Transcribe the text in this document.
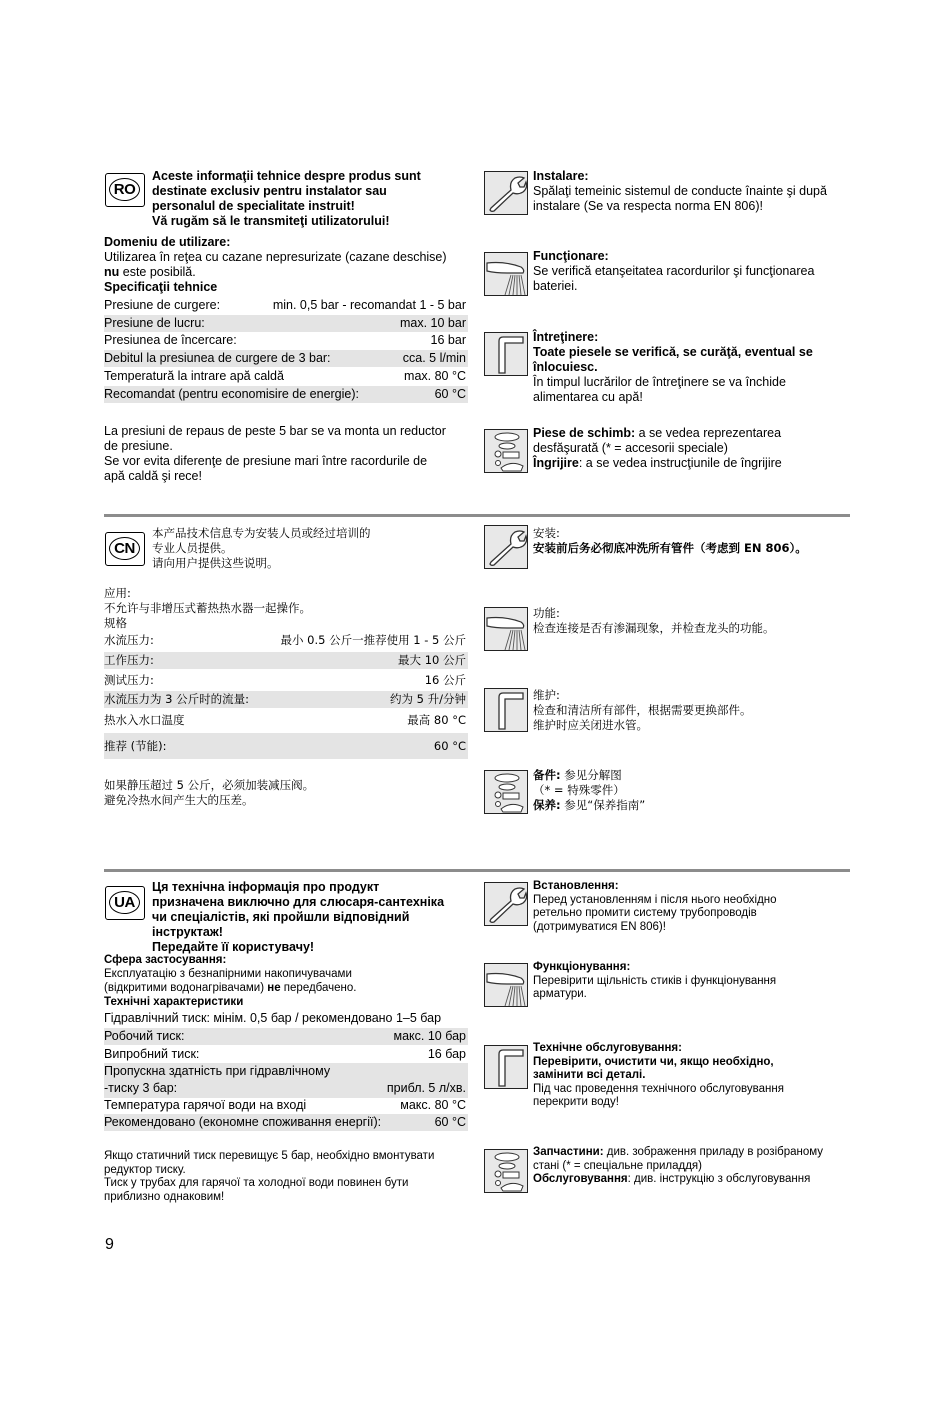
RO
Aceste informaţii tehnice despre produs sunt
destinate exclusiv pentru instalator sau
personalul de specialitate instruit!
Vă rugăm să le transmiteţi utilizatorului!
Domeniu de utilizare:
Utilizarea în reţea cu cazane nepresurizate (cazane deschise)
nu este posibilă.
Specificaţii tehnice
Presiune de curgere:	min. 0,5 bar - recomandat 1 - 5 bar
Presiune de lucru:	max. 10 bar
Presiunea de încercare:	16 bar
Debitul la presiunea de curgere de 3 bar:	cca. 5 l/min
Temperatură la intrare apă caldă	max. 80 °C
Recomandat (pentru economisire de energie):	60 °C
La presiuni de repaus de peste 5 bar se va monta un reductor
de presiune.
Se vor evita diferenţe de presiune mari între racordurile de
apă caldă şi rece!
Instalare:
Spălaţi temeinic sistemul de conducte înainte şi după
instalare (Se va respecta norma EN 806)!
Funcţionare:
Se verifică etanşeitatea racordurilor şi funcţionarea
bateriei.
Întreţinere:
Toate piesele se verifică, se curăţă, eventual se
înlocuiesc.
În timpul lucrărilor de întreţinere se va închide
alimentarea cu apă!
Piese de schimb: a se vedea reprezentarea
desfăşurată (* = accesorii speciale)
Îngrijire: a se vedea instrucţiunile de îngrijire
CN
本产品技术信息专为安装人员或经过培训的
专业人员提供。
请向用户提供这些说明。
应用:
不允许与非增压式蓄热热水器一起操作。
规格
水流压力:	最小 0.5 公斤一推荐使用 1 - 5 公斤
工作压力:	最大 10 公斤
测试压力:	16 公斤
水流压力为 3 公斤时的流量:	约为 5 升/分钟
热水入水口温度	最高 80 °C
推荐 (节能):	60 °C
如果静压超过 5 公斤，必须加装减压阀。
避免冷热水间产生大的压差。
安装:
安装前后务必彻底冲洗所有管件（考虑到 EN 806）。
功能:
检查连接是否有渗漏现象，并检查龙头的功能。
维护:
检查和清洁所有部件，根据需要更换部件。
维护时应关闭进水管。
备件: 参见分解图
（* = 特殊零件）
保养: 参见“保养指南”
UA
Ця технічна інформація про продукт
призначена виключно для слюсаря-сантехніка
чи спеціалістів, які пройшли відповідний
інструктаж!
Передайте її користувачу!
Сфера застосування:
Експлуатацію з безнапірними накопичувачами
(відкритими водонагрівачами) не передбачено.
Технічні характеристики
Гідравлічний тиск: мінім. 0,5 бар / рекомендовано 1–5 бар
Робочий тиск:	макс. 10 бар
Випробний тиск:	16 бар
Пропускна здатність при гідравлічному
-тиску 3 бар:	прибл. 5 л/хв.
Температура гарячої води на вході	макс. 80 °C
Рекомендовано (економне споживання енергії):	60 °C
Якщо статичний тиск перевищує 5 бар, необхідно вмонтувати
редуктор тиску.
Тиск у трубах для гарячої та холодної води повинен бути
приблизно однаковим!
Встановлення:
Перед установленням і після нього необхідно
ретельно промити систему трубопроводів
(дотримуватися EN 806)!
Функціонування:
Перевірити щільність стиків і функціонування
арматури.
Технічне обслуговування:
Перевірити, очистити чи, якщо необхідно,
замінити всі деталі.
Під час проведення технічного обслуговування
перекрити воду!
Запчастини: див. зображення приладу в розібраному
стані (* = спеціальне приладдя)
Обслуговування: див. інструкцію з обслуговування
9
